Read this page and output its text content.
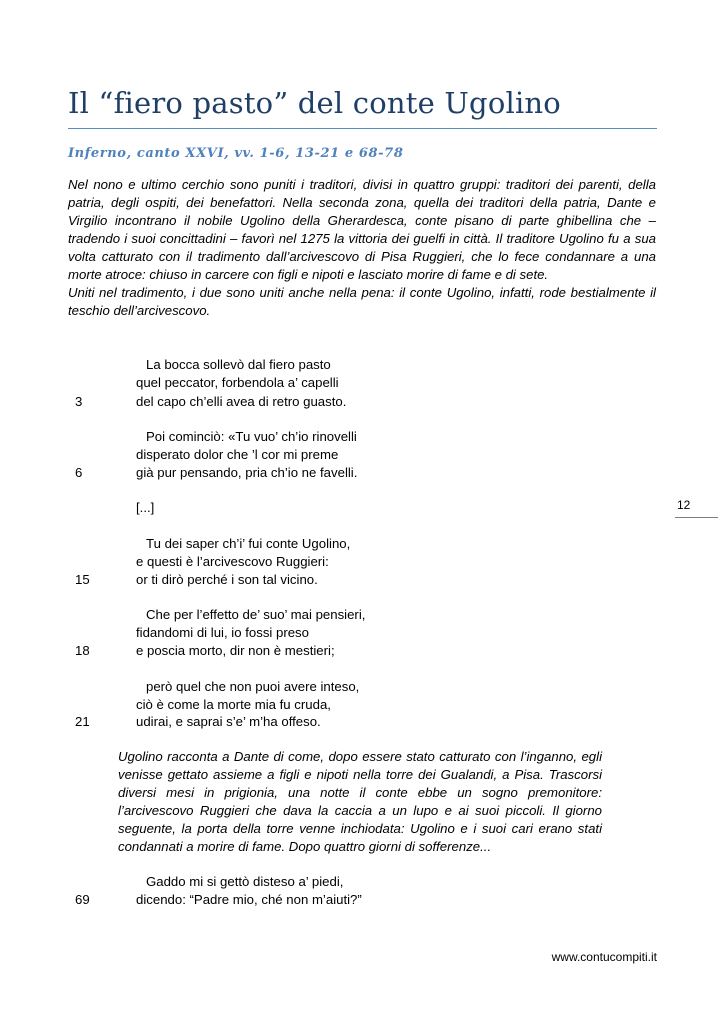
Il “fiero pasto” del conte Ugolino
Inferno, canto XXVI, vv. 1-6, 13-21 e 68-78

Nel nono e ultimo cerchio sono puniti i traditori, divisi in quattro gruppi: traditori dei parenti, della patria, degli ospiti, dei benefattori. Nella seconda zona, quella dei traditori della patria, Dante e Virgilio incontrano il nobile Ugolino della Gherardesca, conte pisano di parte ghibellina che – tradendo i suoi concittadini – favorì nel 1275 la vittoria dei guelfi in città. Il traditore Ugolino fu a sua volta catturato con il tradimento dall’arcivescovo di Pisa Ruggieri, che lo fece condannare a una morte atroce: chiuso in carcere con figli e nipoti e lasciato morire di fame e di sete.

Uniti nel tradimento, i due sono uniti anche nella pena: il conte Ugolino, infatti, rode bestialmente il teschio dell’arcivescovo.

La bocca sollevò dal fiero pasto
quel peccator, forbendola a’ capelli
3	del capo ch’elli avea di retro guasto.
Poi cominciò: «Tu vuo’ ch’io rinovelli
disperato dolor che ’l cor mi preme
6	già pur pensando, pria ch’io ne favelli.
[...]
Tu dei saper ch’i’ fui conte Ugolino,
e questi è l’arcivescovo Ruggieri:
15	or ti dirò perché i son tal vicino.
Che per l’effetto de’ suo’ mai pensieri,
fidandomi di lui, io fossi preso
18	e poscia morto, dir non è mestieri;
però quel che non puoi avere inteso,
ciò è come la morte mia fu cruda,
21	udirai, e saprai s’e’ m’ha offeso.

Ugolino racconta a Dante di come, dopo essere stato catturato con l’inganno, egli venisse gettato assieme a figli e nipoti nella torre dei Gualandi, a Pisa. Trascorsi diversi mesi in prigionia, una notte il conte ebbe un sogno premonitore: l’arcivescovo Ruggieri che dava la caccia a un lupo e ai suoi piccoli. Il giorno seguente, la porta della torre venne inchiodata: Ugolino e i suoi cari erano stati condannati a morire di fame. Dopo quattro giorni di sofferenze...

Gaddo mi si gettò disteso a’ piedi,
69	dicendo: “Padre mio, ché non m’aiuti?”
12
www.contucompiti.it
